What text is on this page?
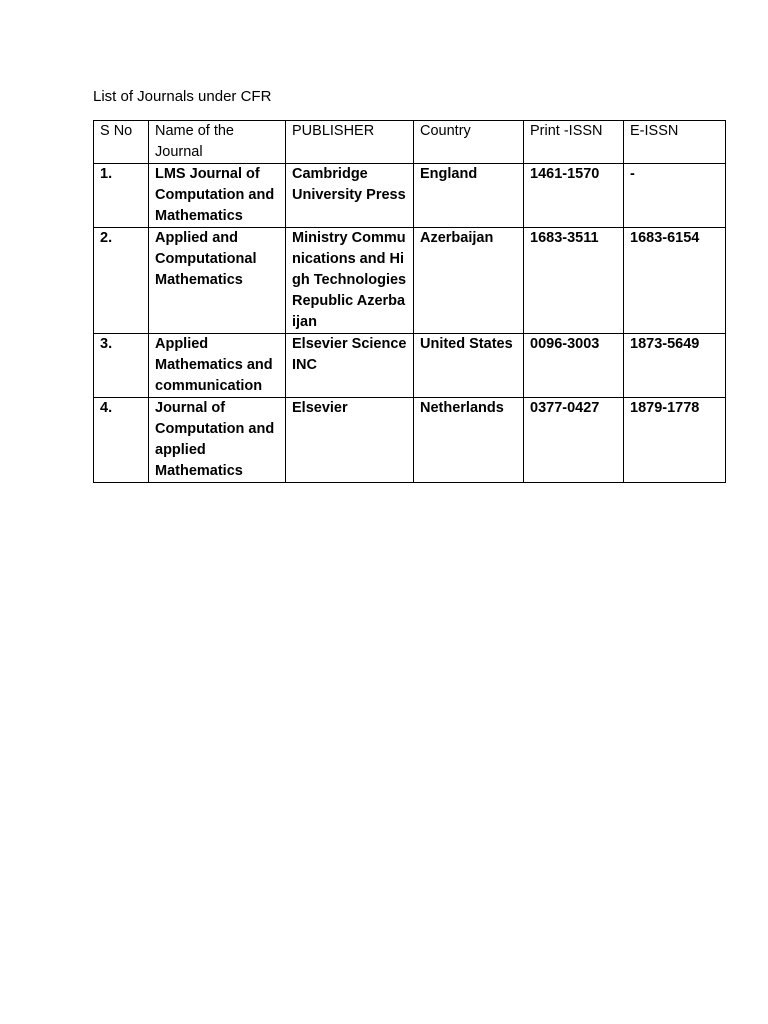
List of Journals under CFR
S No	Name of the Journal	PUBLISHER	Country	Print -ISSN	E-ISSN
1.	LMS Journal of Computation and Mathematics	Cambridge University Press	England	1461-1570	-
2.	Applied and Computational Mathematics	Ministry Communications and High Technologies Republic Azerbaijan	Azerbaijan	1683-3511	1683-6154
3.	Applied Mathematics and communication	Elsevier Science INC	United States	0096-3003	1873-5649
4.	Journal of Computation and applied Mathematics	Elsevier	Netherlands	0377-0427	1879-1778
